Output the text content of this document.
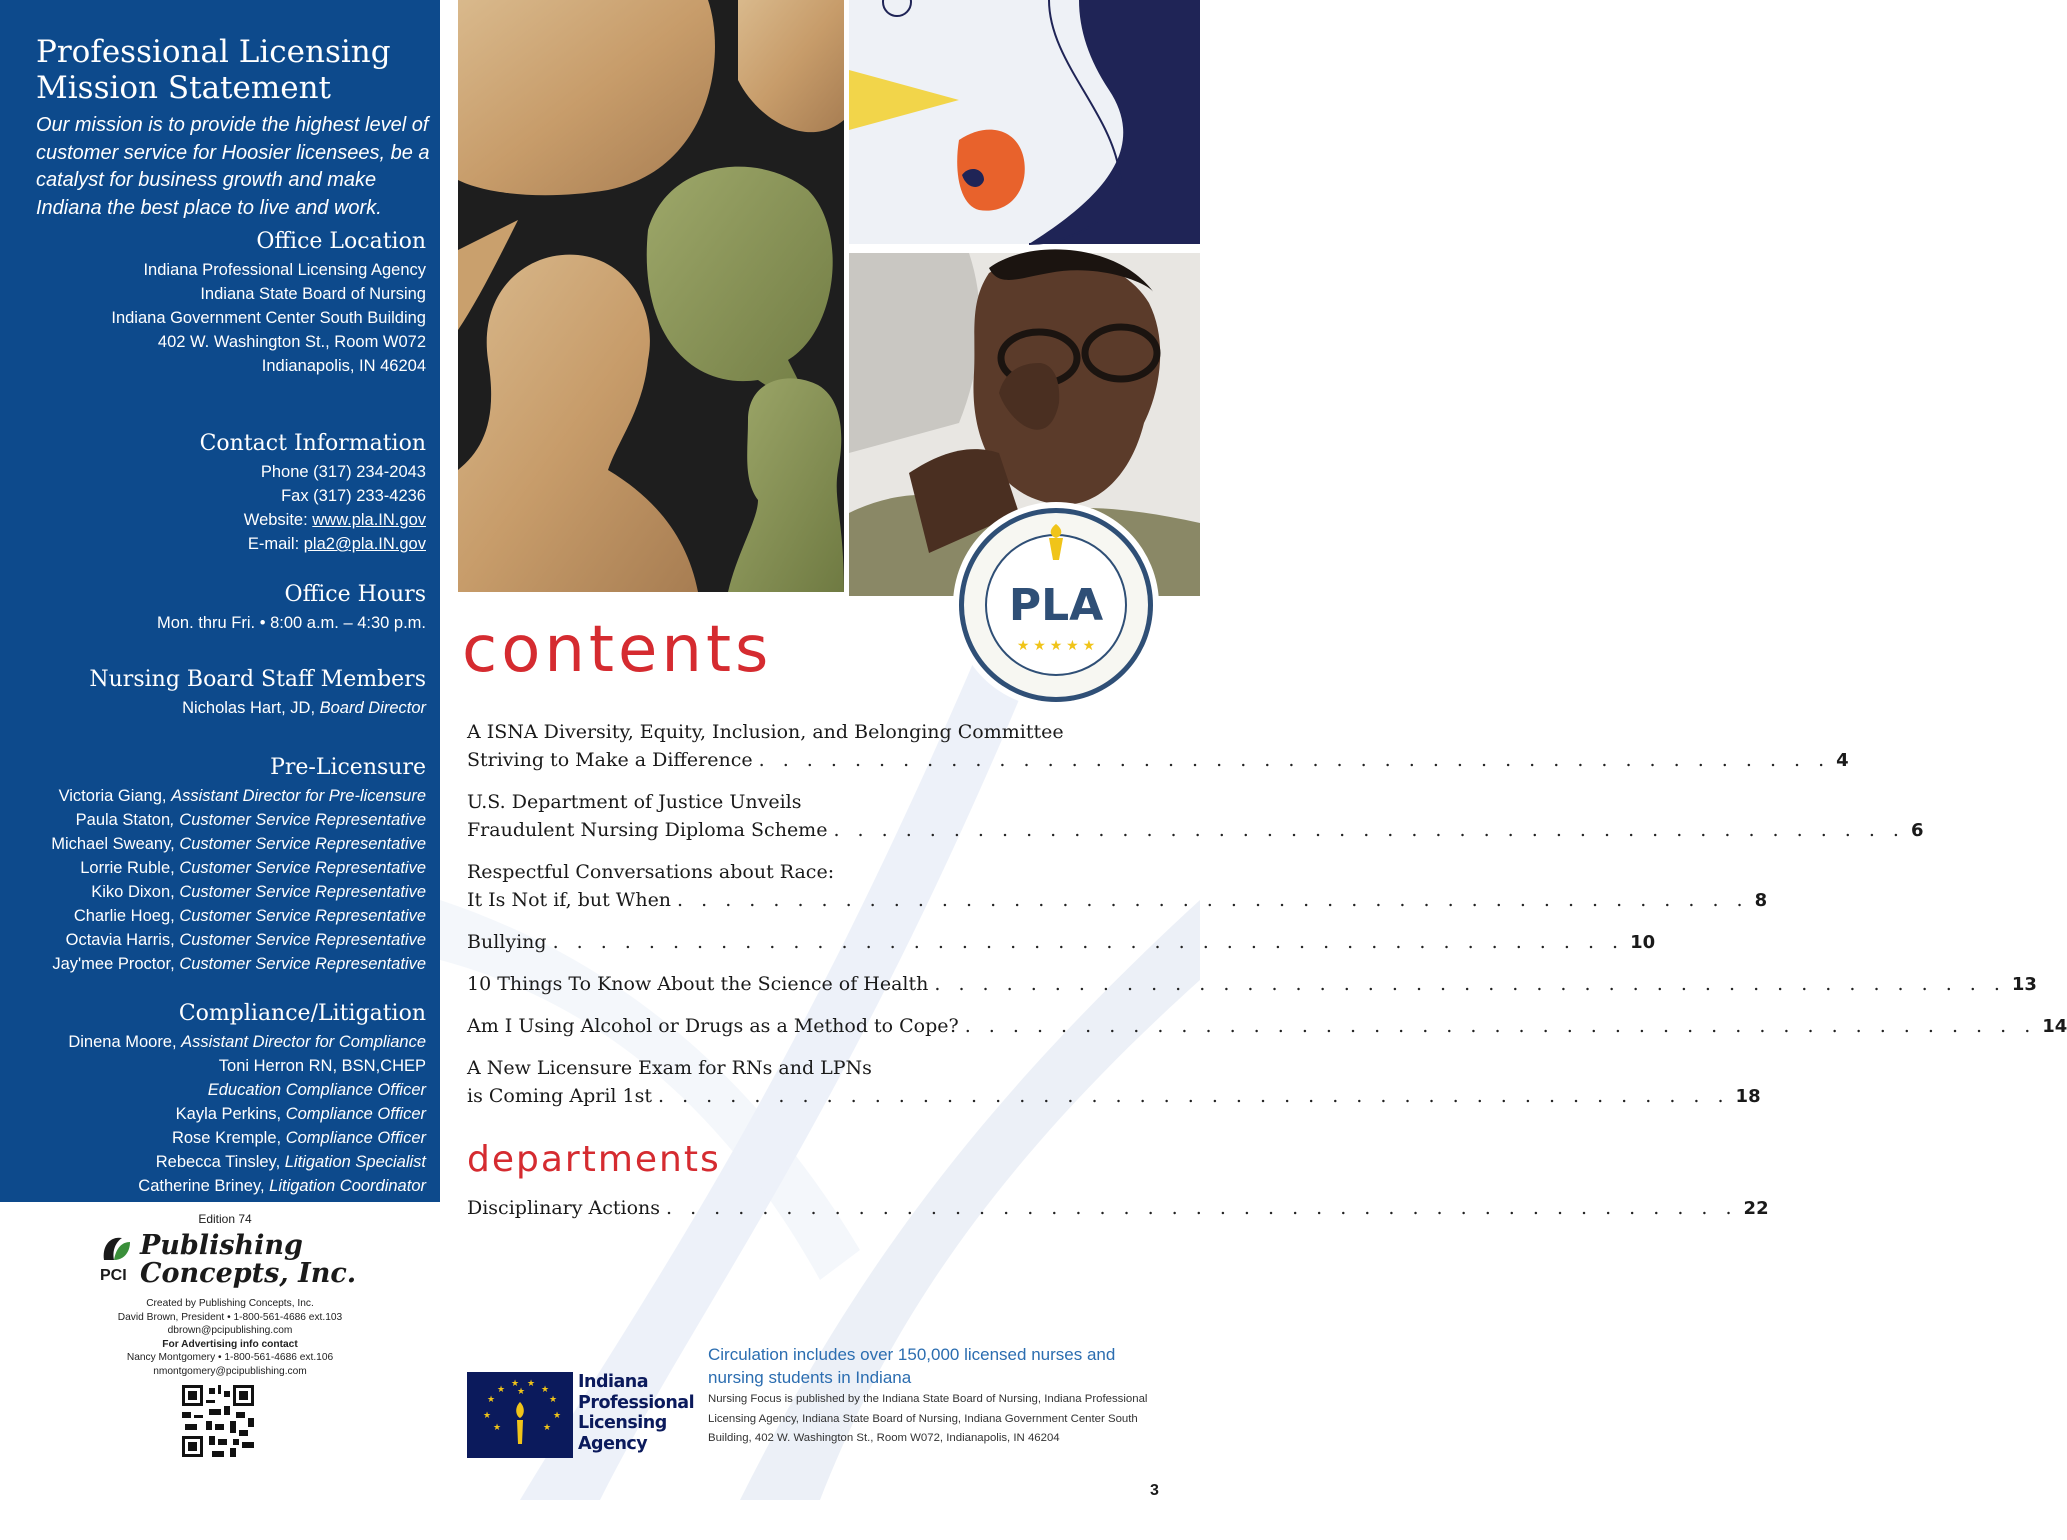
Professional Licensing
Mission Statement
Our mission is to provide the highest level of customer service for Hoosier licensees, be a catalyst for business growth and make Indiana the best place to live and work.
Office Location
Indiana Professional Licensing Agency
Indiana State Board of Nursing
Indiana Government Center South Building
402 W. Washington St., Room W072
Indianapolis, IN 46204
Contact Information
Phone (317) 234-2043
Fax (317) 233-4236
Website: www.pla.IN.gov
E-mail: pla2@pla.IN.gov
Office Hours
Mon. thru Fri. • 8:00 a.m. – 4:30 p.m.
Nursing Board Staff Members
Nicholas Hart, JD, Board Director
Pre-Licensure
Victoria Giang, Assistant Director for Pre-licensure
Paula Staton, Customer Service Representative
Michael Sweany, Customer Service Representative
Lorrie Ruble, Customer Service Representative
Kiko Dixon, Customer Service Representative
Charlie Hoeg, Customer Service Representative
Octavia Harris, Customer Service Representative
Jay'mee Proctor, Customer Service Representative
Compliance/Litigation
Dinena Moore, Assistant Director for Compliance
Toni Herron RN, BSN,CHEP
Education Compliance Officer
Kayla Perkins, Compliance Officer
Rose Kremple, Compliance Officer
Rebecca Tinsley, Litigation Specialist
Catherine Briney, Litigation Coordinator
Edition 74
Publishing
Concepts, Inc.
PCI
Created by Publishing Concepts, Inc.
David Brown, President • 1-800-561-4686 ext.103
dbrown@pcipublishing.com
For Advertising info contact
Nancy Montgomery • 1-800-561-4686 ext.106
nmontgomery@pcipublishing.com
PLA
★ ★ ★ ★ ★
contents
A ISNA Diversity, Equity, Inclusion, and Belonging Committee
Striving to Make a Difference . . . . . . . . . . . . . . . . . . . . . . . . . . . . . . . . . . . . . . . . . . . . . 4
U.S. Department of Justice Unveils
Fraudulent Nursing Diploma Scheme . . . . . . . . . . . . . . . . . . . . . . . . . . . . . . . . . . . . . . . . . . . . . 6
Respectful Conversations about Race:
It Is Not if, but When . . . . . . . . . . . . . . . . . . . . . . . . . . . . . . . . . . . . . . . . . . . . . 8
Bullying . . . . . . . . . . . . . . . . . . . . . . . . . . . . . . . . . . . . . . . . . . . . . 10
10 Things To Know About the Science of Health . . . . . . . . . . . . . . . . . . . . . . . . . . . . . . . . . . . . . . . . . . . . . 13
Am I Using Alcohol or Drugs as a Method to Cope? . . . . . . . . . . . . . . . . . . . . . . . . . . . . . . . . . . . . . . . . . . . . . 14
A New Licensure Exam for RNs and LPNs
is Coming April 1st . . . . . . . . . . . . . . . . . . . . . . . . . . . . . . . . . . . . . . . . . . . . . 18
Disciplinary Actions . . . . . . . . . . . . . . . . . . . . . . . . . . . . . . . . . . . . . . . . . . . . . 22
departments
★
★
★ ★
★
★
★
★	★
★
★	Indiana
Professional
Licensing
Agency
Circulation includes over 150,000 licensed nurses and nursing students in Indiana
Nursing Focus is published by the Indiana State Board of Nursing, Indiana Professional Licensing Agency, Indiana State Board of Nursing, Indiana Government Center South Building, 402 W. Washington St., Room W072, Indianapolis, IN 46204
3
